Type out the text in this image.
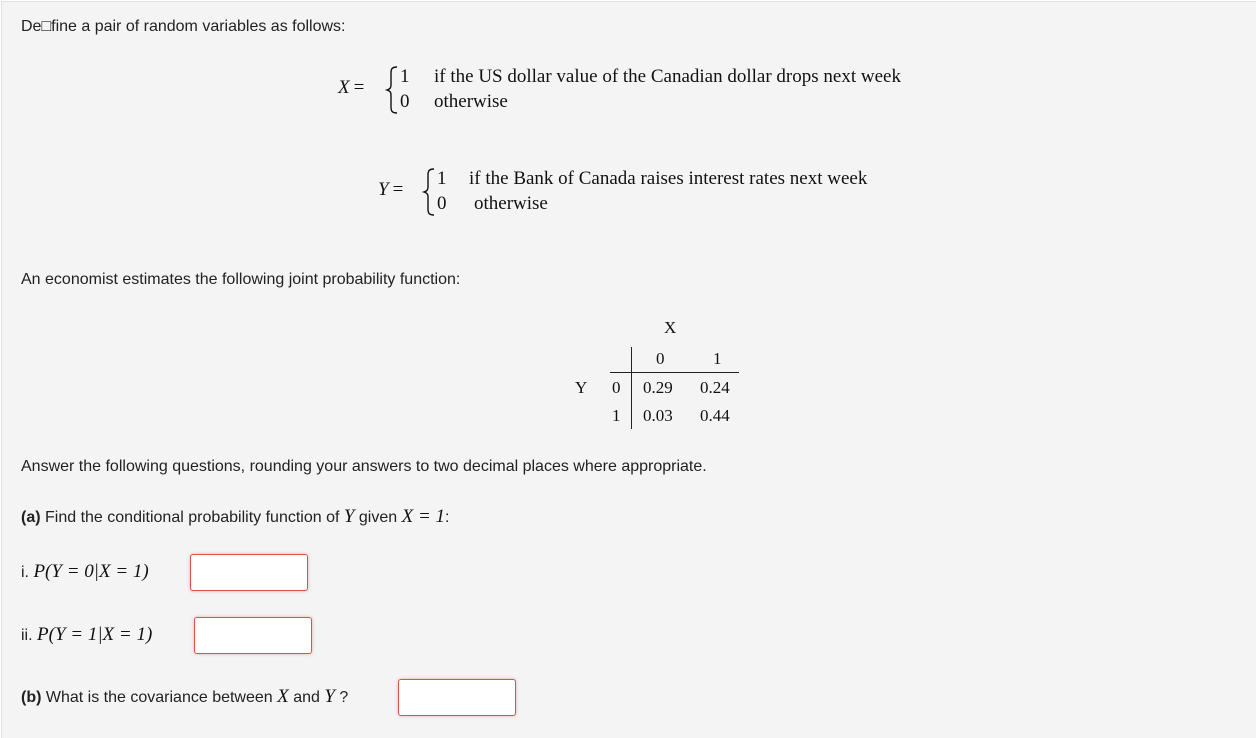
De□fine a pair of random variables as follows:
X =
1 if the US dollar value of the Canadian dollar drops next week
0 otherwise
Y =
1 if the Bank of Canada raises interest rates next week
0 otherwise
An economist estimates the following joint probability function:
X
0	1
Y 0 0.29 0.24
1 0.03 0.44
Answer the following questions, rounding your answers to two decimal places where appropriate.
(a) Find the conditional probability function of Y given X = 1:
i. P(Y = 0|X = 1)
ii. P(Y = 1|X = 1)
(b) What is the covariance between X and Y ?
